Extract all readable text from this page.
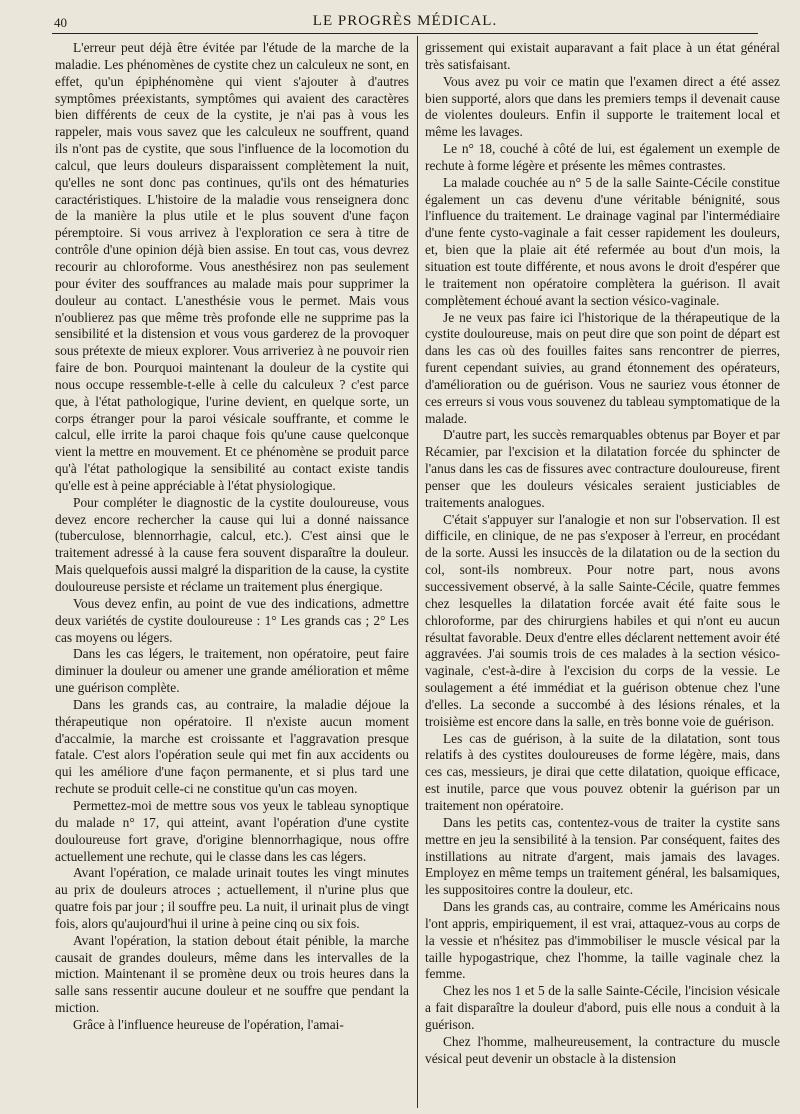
40	LE PROGRÈS MÉDICAL.

L'erreur peut déjà être évitée par l'étude de la marche de la maladie. Les phénomènes de cystite chez un calculeux ne sont, en effet, qu'un épiphénomène qui vient s'ajouter à d'autres symptômes préexistants, symptômes qui avaient des caractères bien différents de ceux de la cystite, je n'ai pas à vous les rappeler, mais vous savez que les calculeux ne souffrent, quand ils n'ont pas de cystite, que sous l'influence de la locomotion du calcul, que leurs douleurs disparaissent complètement la nuit, qu'elles ne sont donc pas continues, qu'ils ont des hématuries caractéristiques. L'histoire de la maladie vous renseignera donc de la manière la plus utile et le plus souvent d'une façon péremptoire. Si vous arrivez à l'exploration ce sera à titre de contrôle d'une opinion déjà bien assise. En tout cas, vous devrez recourir au chloroforme. Vous anesthésirez non pas seulement pour éviter des souffrances au malade mais pour supprimer la douleur au contact. L'anesthésie vous le permet. Mais vous n'oublierez pas que même très profonde elle ne supprime pas la sensibilité et la distension et vous vous garderez de la provoquer sous prétexte de mieux explorer. Vous arriveriez à ne pouvoir rien faire de bon. Pourquoi maintenant la douleur de la cystite qui nous occupe ressemble-t-elle à celle du calculeux ? c'est parce que, à l'état pathologique, l'urine devient, en quelque sorte, un corps étranger pour la paroi vésicale souffrante, et comme le calcul, elle irrite la paroi chaque fois qu'une cause quelconque vient la mettre en mouvement. Et ce phénomène se produit parce qu'à l'état pathologique la sensibilité au contact existe tandis qu'elle est à peine appréciable à l'état physiologique.

Pour compléter le diagnostic de la cystite douloureuse, vous devez encore rechercher la cause qui lui a donné naissance (tuberculose, blennorrhagie, calcul, etc.). C'est ainsi que le traitement adressé à la cause fera souvent disparaître la douleur. Mais quelquefois aussi malgré la disparition de la cause, la cystite douloureuse persiste et réclame un traitement plus énergique.

Vous devez enfin, au point de vue des indications, admettre deux variétés de cystite douloureuse : 1° Les grands cas ; 2° Les cas moyens ou légers.

Dans les cas légers, le traitement, non opératoire, peut faire diminuer la douleur ou amener une grande amélioration et même une guérison complète.

Dans les grands cas, au contraire, la maladie déjoue la thérapeutique non opératoire. Il n'existe aucun moment d'accalmie, la marche est croissante et l'aggravation presque fatale. C'est alors l'opération seule qui met fin aux accidents ou qui les améliore d'une façon permanente, et si plus tard une rechute se produit celle-ci ne constitue qu'un cas moyen.

Permettez-moi de mettre sous vos yeux le tableau synoptique du malade n° 17, qui atteint, avant l'opération d'une cystite douloureuse fort grave, d'origine blennorrhagique, nous offre actuellement une rechute, qui le classe dans les cas légers.

Avant l'opération, ce malade urinait toutes les vingt minutes au prix de douleurs atroces ; actuellement, il n'urine plus que quatre fois par jour ; il souffre peu. La nuit, il urinait plus de vingt fois, alors qu'aujourd'hui il urine à peine cinq ou six fois.

Avant l'opération, la station debout était pénible, la marche causait de grandes douleurs, même dans les intervalles de la miction. Maintenant il se promène deux ou trois heures dans la salle sans ressentir aucune douleur et ne souffre que pendant la miction.

Grâce à l'influence heureuse de l'opération, l'amai-

grissement qui existait auparavant a fait place à un état général très satisfaisant.

Vous avez pu voir ce matin que l'examen direct a été assez bien supporté, alors que dans les premiers temps il devenait cause de violentes douleurs. Enfin il supporte le traitement local et même les lavages.

Le n° 18, couché à côté de lui, est également un exemple de rechute à forme légère et présente les mêmes contrastes.

La malade couchée au n° 5 de la salle Sainte-Cécile constitue également un cas devenu d'une véritable bénignité, sous l'influence du traitement. Le drainage vaginal par l'intermédiaire d'une fente cysto-vaginale a fait cesser rapidement les douleurs, et, bien que la plaie ait été refermée au bout d'un mois, la situation est toute différente, et nous avons le droit d'espérer que le traitement non opératoire complètera la guérison. Il avait complètement échoué avant la section vésico-vaginale.

Je ne veux pas faire ici l'historique de la thérapeutique de la cystite douloureuse, mais on peut dire que son point de départ est dans les cas où des fouilles faites sans rencontrer de pierres, furent cependant suivies, au grand étonnement des opérateurs, d'amélioration ou de guérison. Vous ne sauriez vous étonner de ces erreurs si vous vous souvenez du tableau symptomatique de la malade.

D'autre part, les succès remarquables obtenus par Boyer et par Récamier, par l'excision et la dilatation forcée du sphincter de l'anus dans les cas de fissures avec contracture douloureuse, firent penser que les douleurs vésicales seraient justiciables de traitements analogues.

C'était s'appuyer sur l'analogie et non sur l'observation. Il est difficile, en clinique, de ne pas s'exposer à l'erreur, en procédant de la sorte. Aussi les insuccès de la dilatation ou de la section du col, sont-ils nombreux. Pour notre part, nous avons successivement observé, à la salle Sainte-Cécile, quatre femmes chez lesquelles la dilatation forcée avait été faite sous le chloroforme, par des chirurgiens habiles et qui n'ont eu aucun résultat favorable. Deux d'entre elles déclarent nettement avoir été aggravées. J'ai soumis trois de ces malades à la section vésico-vaginale, c'est-à-dire à l'excision du corps de la vessie. Le soulagement a été immédiat et la guérison obtenue chez l'une d'elles. La seconde a succombé à des lésions rénales, et la troisième est encore dans la salle, en très bonne voie de guérison.

Les cas de guérison, à la suite de la dilatation, sont tous relatifs à des cystites douloureuses de forme légère, mais, dans ces cas, messieurs, je dirai que cette dilatation, quoique efficace, est inutile, parce que vous pouvez obtenir la guérison par un traitement non opératoire.

Dans les petits cas, contentez-vous de traiter la cystite sans mettre en jeu la sensibilité à la tension. Par conséquent, faites des instillations au nitrate d'argent, mais jamais des lavages. Employez en même temps un traitement général, les balsamiques, les suppositoires contre la douleur, etc.

Dans les grands cas, au contraire, comme les Américains nous l'ont appris, empiriquement, il est vrai, attaquez-vous au corps de la vessie et n'hésitez pas d'immobiliser le muscle vésical par la taille hypogastrique, chez l'homme, la taille vaginale chez la femme.

Chez les nos 1 et 5 de la salle Sainte-Cécile, l'incision vésicale a fait disparaître la douleur d'abord, puis elle nous a conduit à la guérison.

Chez l'homme, malheureusement, la contracture du muscle vésical peut devenir un obstacle à la distension
